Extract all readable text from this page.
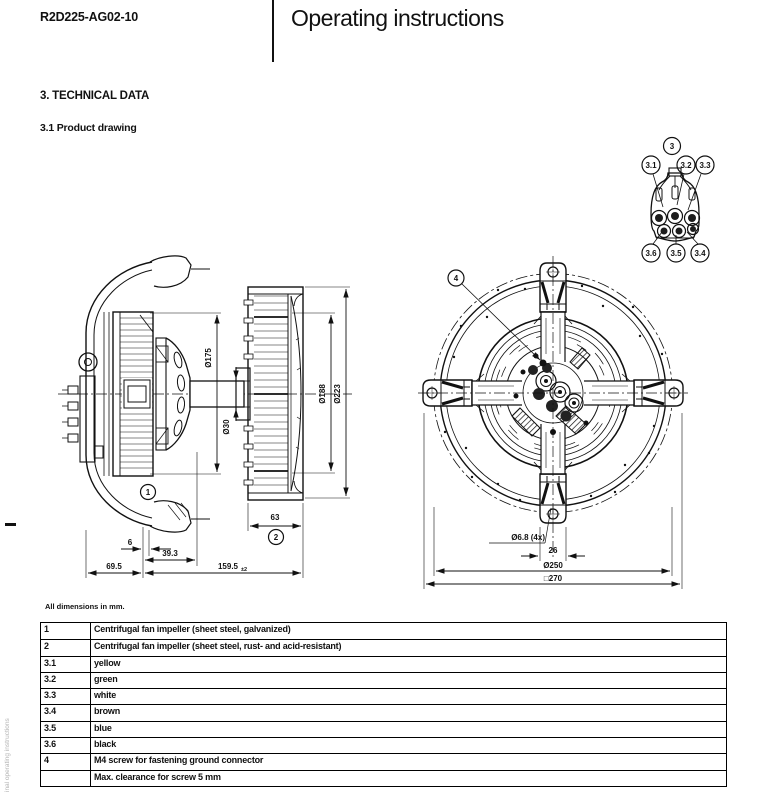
R2D225-AG02-10	Operating instructions
3. TECHNICAL DATA
3.1 Product drawing
3
3.1	3.2 3.3
3.6 3.5 3.4
Ø175
Ø30
Ø188 Ø223
63
6
39.3
69.5	159.5 ±2
1
2
4
Ø6.8 (4x)
26
Ø250
□270
All dimensions in mm.
1	Centrifugal fan impeller (sheet steel, galvanized)
2	Centrifugal fan impeller (sheet steel, rust- and acid-resistant)
3.1	yellow
3.2	green
3.3	white
3.4	brown
3.5	blue
3.6	black
4	M4 screw for fastening ground connector
Max. clearance for screw 5 mm
inal operating instructions
